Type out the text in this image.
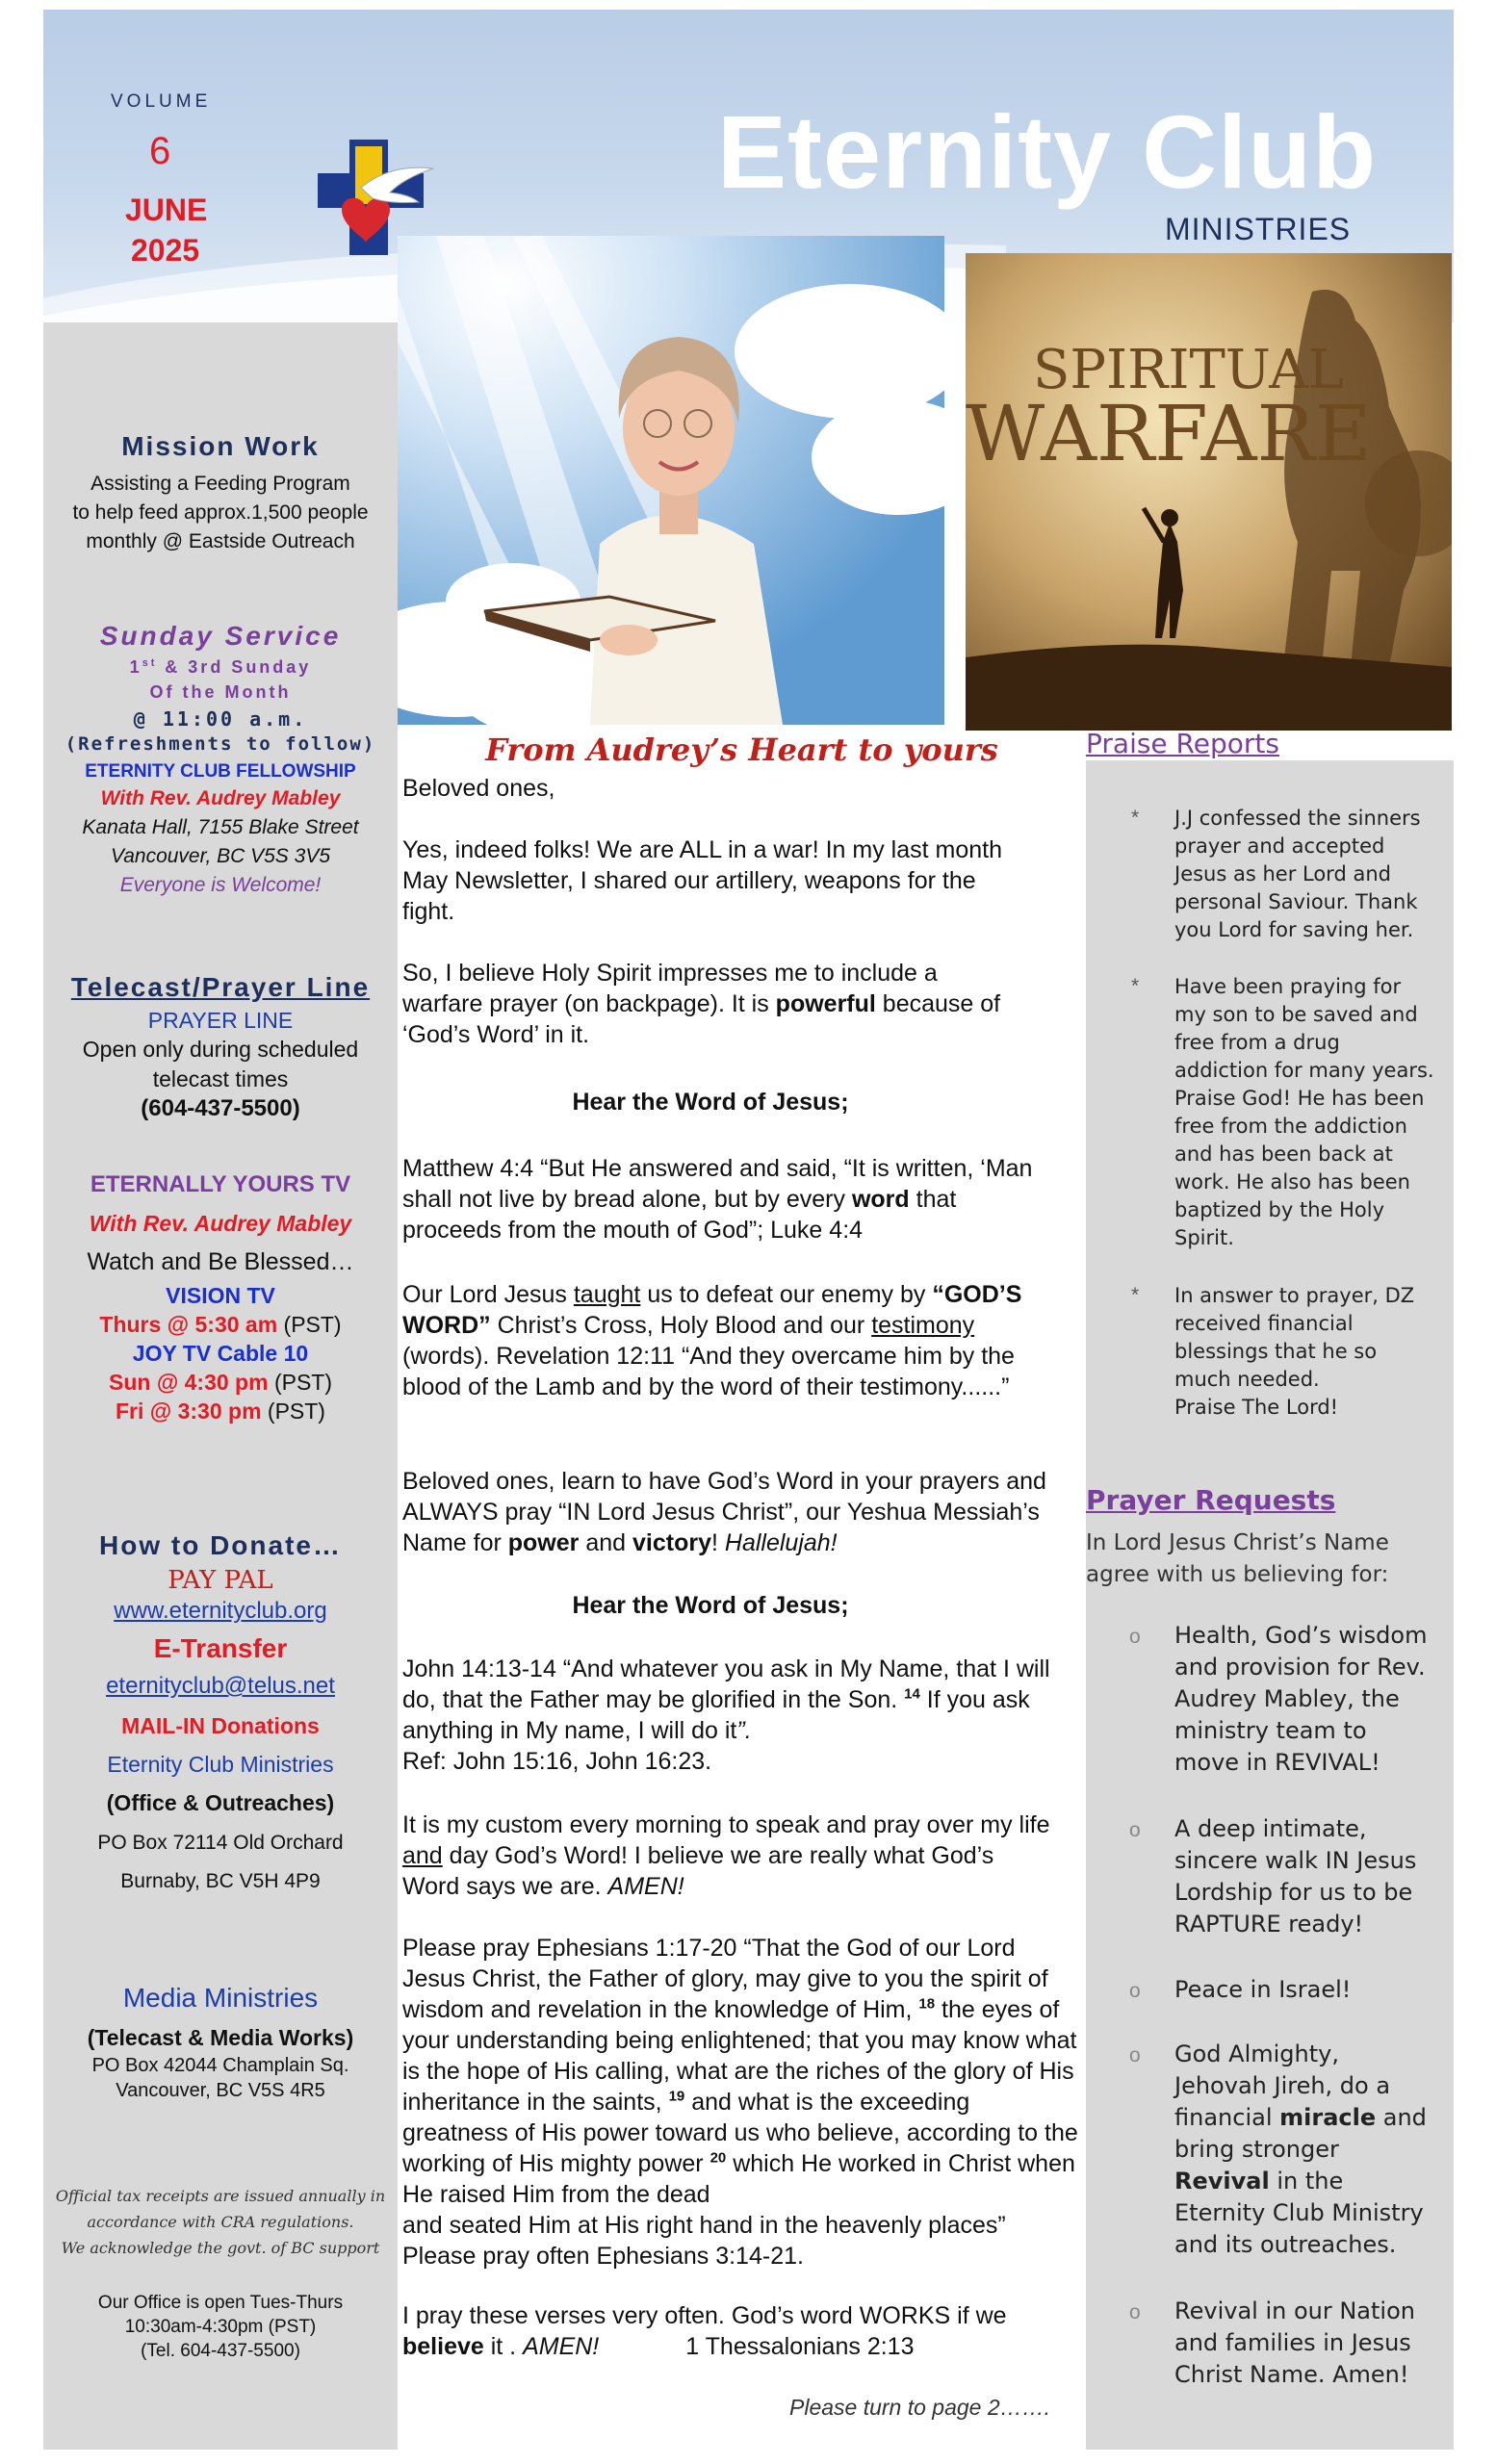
VOLUME
6
JUNE
2025
Eternity Club
MINISTRIES
SPIRITUAL
WARFARE
Mission Work
Assisting a Feeding Program
to help feed approx.1,500 people
monthly @ Eastside Outreach
Sunday Service
1st & 3rd Sunday
Of the Month
@ 11:00 a.m.
(Refreshments to follow)
ETERNITY CLUB FELLOWSHIP
With Rev. Audrey Mabley
Kanata Hall, 7155 Blake Street
Vancouver, BC V5S 3V5
Everyone is Welcome!
Telecast/Prayer Line
PRAYER LINE
Open only during scheduled
telecast times
(604-437-5500)
ETERNALLY YOURS TV
With Rev. Audrey Mabley
Watch and Be Blessed…
VISION TV
Thurs @ 5:30 am (PST)
JOY TV Cable 10
Sun @ 4:30 pm (PST)
Fri @ 3:30 pm (PST)
How to Donate…
PAY PAL
www.eternityclub.org
E-Transfer
eternityclub@telus.net
MAIL-IN Donations
Eternity Club Ministries
(Office & Outreaches)
PO Box 72114 Old Orchard
Burnaby, BC V5H 4P9
Media Ministries
(Telecast & Media Works)
PO Box 42044 Champlain Sq.
Vancouver, BC V5S 4R5
Official tax receipts are issued annually in
accordance with CRA regulations.
We acknowledge the govt. of BC support
Our Office is open Tues-Thurs
10:30am-4:30pm (PST)
(Tel. 604-437-5500)
From Audrey’s Heart to yours
Beloved ones,
Yes, indeed folks! We are ALL in a war! In my last month May Newsletter, I shared our artillery, weapons for the fight.
So, I believe Holy Spirit impresses me to include a warfare prayer (on backpage). It is powerful because of ‘God’s Word’ in it.
Hear the Word of Jesus;
Matthew 4:4 “But He answered and said, “It is written, ‘Man shall not live by bread alone, but by every word that proceeds from the mouth of God”; Luke 4:4
Our Lord Jesus taught us to defeat our enemy by “GOD’S WORD” Christ’s Cross, Holy Blood and our testimony (words). Revelation 12:11 “And they overcame him by the blood of the Lamb and by the word of their testimony......”
Beloved ones, learn to have God’s Word in your prayers and ALWAYS pray “IN Lord Jesus Christ”, our Yeshua Messiah’s Name for power and victory! Hallelujah!
Hear the Word of Jesus;
John 14:13-14 “And whatever you ask in My Name, that I will do, that the Father may be glorified in the Son. $^{14}$ If you ask anything in My name, I will do it”.
Ref: John 15:16, John 16:23.
It is my custom every morning to speak and pray over my life and day God’s Word! I believe we are really what God’s Word says we are. AMEN!
Please pray Ephesians 1:17-20 “That the God of our Lord Jesus Christ, the Father of glory, may give to you the spirit of wisdom and revelation in the knowledge of Him, $^{18}$ the eyes of your understanding being enlightened; that you may know what is the hope of His calling, what are the riches of the glory of His inheritance in the saints, $^{19}$ and what is the exceeding greatness of His power toward us who believe, according to the working of His mighty power $^{20}$ which He worked in Christ when He raised Him from the dead
and seated Him at His right hand in the heavenly places”
Please pray often Ephesians 3:14-21.
I pray these verses very often. God’s word WORKS if we believe it . AMEN!	1 Thessalonians 2:13
Please turn to page 2…….
Praise Reports
* J.J confessed the sinners prayer and accepted Jesus as her Lord and personal Saviour. Thank you Lord for saving her.
* Have been praying for my son to be saved and free from a drug addiction for many years. Praise God! He has been free from the addiction and has been back at work. He also has been baptized by the Holy Spirit.
* In answer to prayer, DZ received financial blessings that he so much needed.
Praise The Lord!
Prayer Requests
In Lord Jesus Christ’s Name agree with us believing for:
o Health, God’s wisdom and provision for Rev. Audrey Mabley, the ministry team to move in REVIVAL!
o A deep intimate, sincere walk IN Jesus Lordship for us to be RAPTURE ready!
o Peace in Israel!
o God Almighty, Jehovah Jireh, do a financial miracle and bring stronger Revival in the Eternity Club Ministry and its outreaches.
o Revival in our Nation and families in Jesus Christ Name. Amen!
